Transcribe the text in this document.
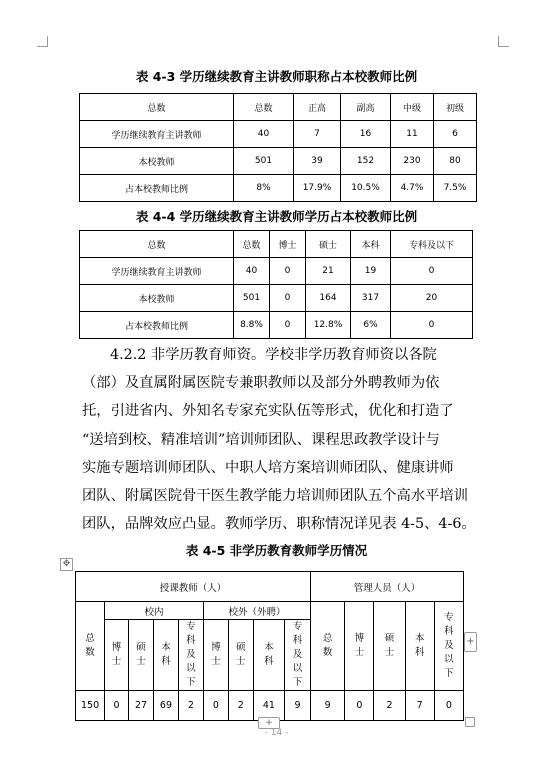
表 4-3 学历继续教育主讲教师职称占本校教师比例
总数	总数	正高	副高	中级	初级
学历继续教育主讲教师	40	7	16	11	6
本校教师	501	39	152	230	80
占本校教师比例	8%	17.9%	10.5%	4.7%	7.5%
表 4-4 学历继续教育主讲教师学历占本校教师比例
总数	总数	博士	硕士	本科	专科及以下
学历继续教育主讲教师	40	0	21	19	0
本校教师	501	0	164	317	20
占本校教师比例	8.8%	0	12.8%	6%	0
4.2.2 非学历教育师资。学校非学历教育师资以各院
（部）及直属附属医院专兼职教师以及部分外聘教师为依
托，引进省内、外知名专家充实队伍等形式，优化和打造了
“送培到校、精准培训”培训师团队、课程思政教学设计与
实施专题培训师团队、中职人培方案培训师团队、健康讲师
团队、附属医院骨干医生教学能力培训师团队五个高水平培训
团队，品牌效应凸显。教师学历、职称情况详见表 4-5、4-6。
表 4-5 非学历教育教师学历情况
✥
授课教师（人）									管理人员（人）				
总数	校内				校外（外聘）				总数	博士	硕士	本科	专科及以下
	博士	硕士	本科	专科及以下	博士	硕士	本科	专科及以下					
150	0	27	69	2	0	2	41	9	9	0	2	7	0
+
+
- 14 -
